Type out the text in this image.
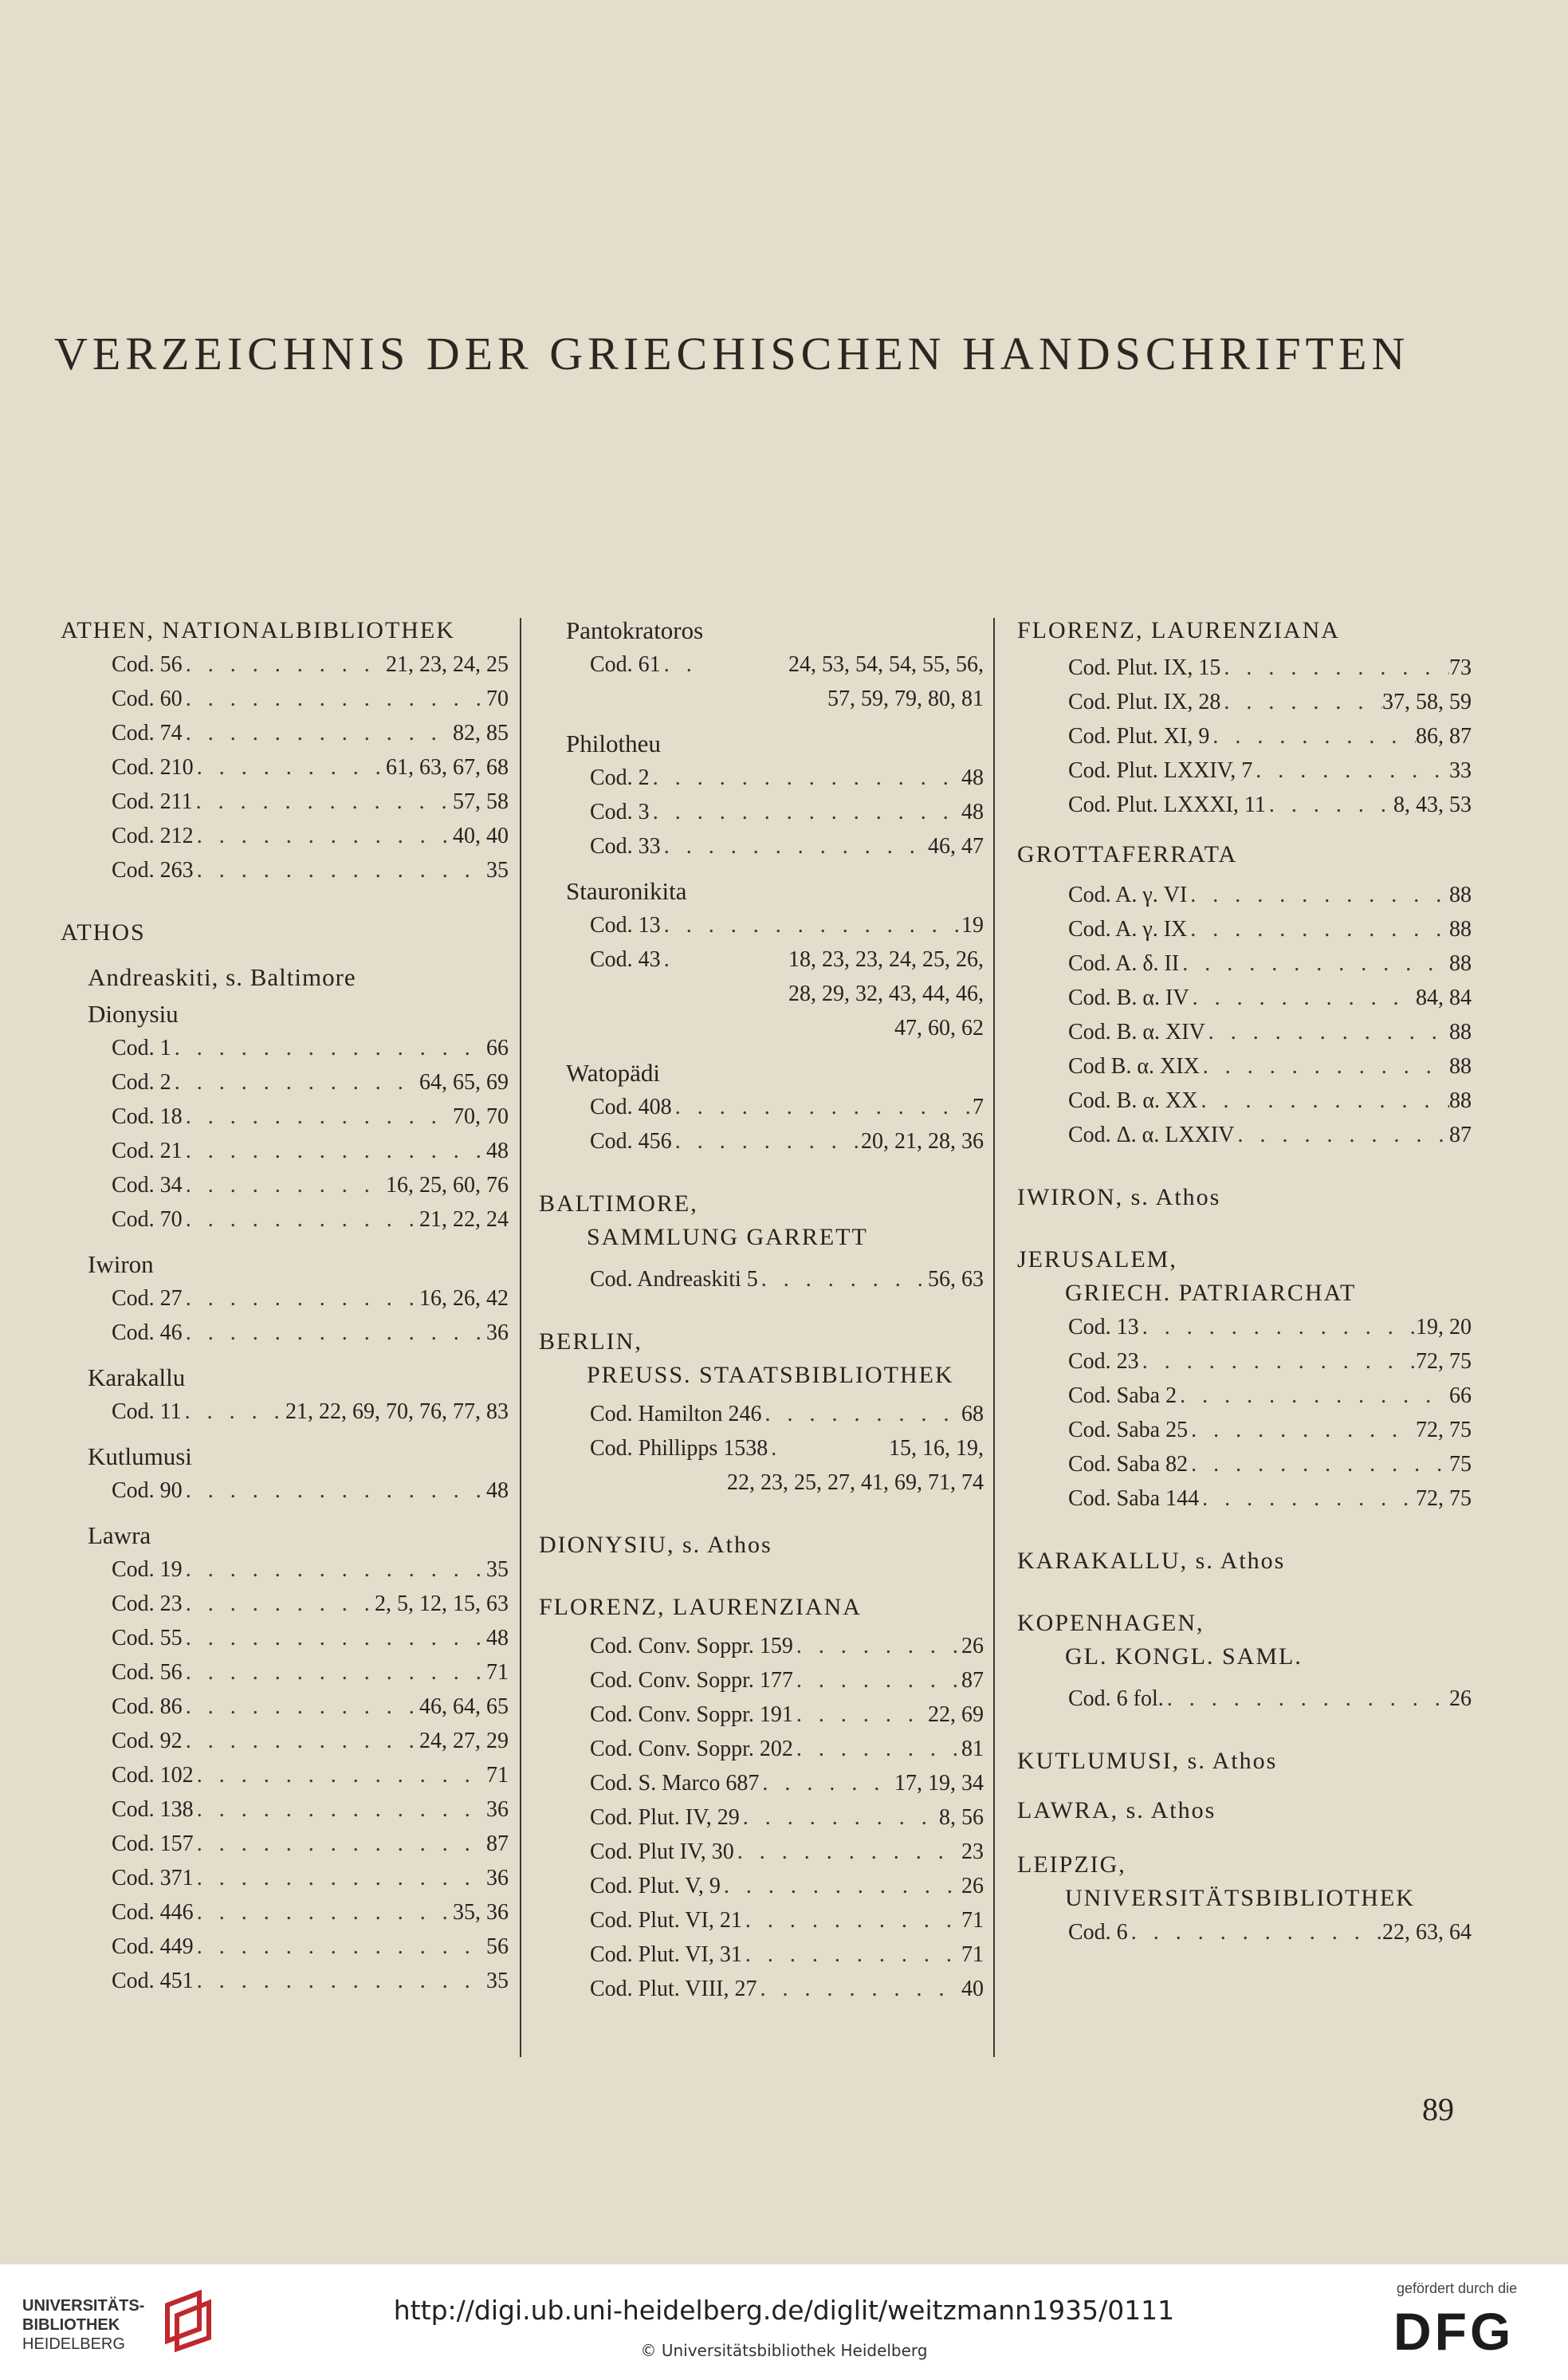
VERZEICHNIS DER GRIECHISCHEN HANDSCHRIFTEN
ATHEN, NATIONALBIBLIOTHEK
Cod. 56 . . .	21, 23, 24, 25
Cod. 60 . . .	70
Cod. 74 . . .	82, 85
Cod. 210 . . .	61, 63, 67, 68
Cod. 211 . . .	57, 58
Cod. 212 . . .	40, 40
Cod. 263 . . .	35
ATHOS
Andreaskiti, s. Baltimore
Dionysiu
Cod. 1 . . .	66
Cod. 2 . . .	64, 65, 69
Cod. 18 . . .	70, 70
Cod. 21 . . .	48
Cod. 34 . . .	16, 25, 60, 76
Cod. 70 . . .	21, 22, 24
Iwiron
Cod. 27 . . .	16, 26, 42
Cod. 46 . . .	36
Karakallu
Cod. 11 . . .	21, 22, 69, 70, 76, 77, 83
Kutlumusi
Cod. 90 . . .	48
Lawra
Cod. 19 . . .	35
Cod. 23 . . .	2, 5, 12, 15, 63
Cod. 55 . . .	48
Cod. 56 . . .	71
Cod. 86 . . .	46, 64, 65
Cod. 92 . . .	24, 27, 29
Cod. 102 . . .	71
Cod. 138 . . .	36
Cod. 157 . . .	87
Cod. 371 . . .	36
Cod. 446 . . .	35, 36
Cod. 449 . . .	56
Cod. 451 . . .	35
Pantokratoros
Cod. 61 . . .	24, 53, 54, 54, 55, 56,
57, 59, 79, 80, 81
Philotheu
Cod. 2 . . .	48
Cod. 3 . . .	48
Cod. 33 . . .	46, 47
Stauronikita
Cod. 13 . . .	19
Cod. 43 . . .	18, 23, 23, 24, 25, 26,
28, 29, 32, 43, 44, 46,
47, 60, 62
Watopädi
Cod. 408 . . .	7
Cod. 456 . . .	20, 21, 28, 36
BALTIMORE,
SAMMLUNG GARRETT
Cod. Andreaskiti 5 . . .	56, 63
BERLIN,
PREUSS. STAATSBIBLIOTHEK
Cod. Hamilton 246 . . .	68
Cod. Phillipps 1538 . . .	15, 16, 19,
22, 23, 25, 27, 41, 69, 71, 74
DIONYSIU, s. Athos
FLORENZ, LAURENZIANA
Cod. Conv. Soppr. 159 . . .	26
Cod. Conv. Soppr. 177 . . .	87
Cod. Conv. Soppr. 191 . . .	22, 69
Cod. Conv. Soppr. 202 . . .	81
Cod. S. Marco 687 . . .	17, 19, 34
Cod. Plut. IV, 29 . . .	8, 56
Cod. Plut IV, 30 . . .	23
Cod. Plut. V, 9 . . .	26
Cod. Plut. VI, 21 . . .	71
Cod. Plut. VI, 31 . . .	71
Cod. Plut. VIII, 27 . . .	40
FLORENZ, LAURENZIANA
Cod. Plut. IX, 15 . . .	73
Cod. Plut. IX, 28 . . .	37, 58, 59
Cod. Plut. XI, 9 . . .	86, 87
Cod. Plut. LXXIV, 7 . . .	33
Cod. Plut. LXXXI, 11 . . .	8, 43, 53
GROTTAFERRATA
Cod. A. γ. VI . . .	88
Cod. A. γ. IX . . .	88
Cod. A. δ. II . . .	88
Cod. B. α. IV . . .	84, 84
Cod. B. α. XIV . . .	88
Cod B. α. XIX . . .	88
Cod. B. α. XX . . .	88
Cod. Δ. α. LXXIV . . .	87
IWIRON, s. Athos
JERUSALEM,
GRIECH. PATRIARCHAT
Cod. 13 . . .	19, 20
Cod. 23 . . .	72, 75
Cod. Saba 2 . . .	66
Cod. Saba 25 . . .	72, 75
Cod. Saba 82 . . .	75
Cod. Saba 144 . . .	72, 75
KARAKALLU, s. Athos
KOPENHAGEN,
GL. KONGL. SAML.
Cod. 6 fol. . . .	26
KUTLUMUSI, s. Athos
LAWRA, s. Athos
LEIPZIG,
UNIVERSITÄTSBIBLIOTHEK
Cod. 6 . . .	22, 63, 64
89
UNIVERSITÄTS-
BIBLIOTHEK
HEIDELBERG
http://digi.ub.uni-heidelberg.de/diglit/weitzmann1935/0111
© Universitätsbibliothek Heidelberg
gefördert durch die
DFG
